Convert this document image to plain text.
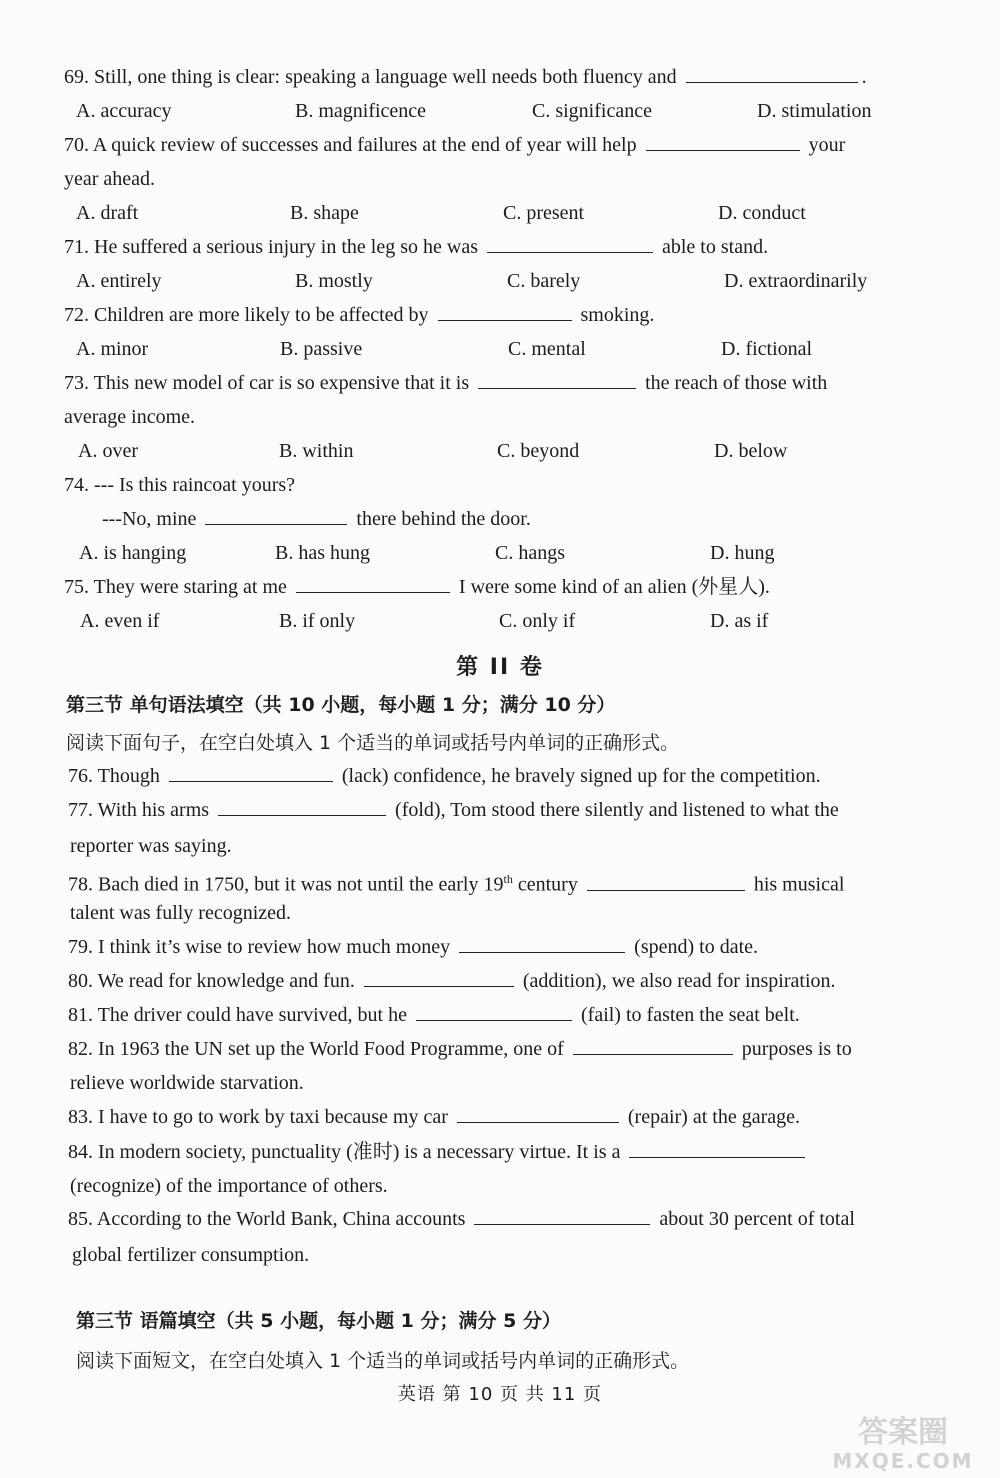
69. Still, one thing is clear: speaking a language well needs both fluency and	.
A. accuracy	B. magnificence	C. significance	D. stimulation
70. A quick review of successes and failures at the end of year will help	your
year ahead.
A. draft	B. shape	C. present	D. conduct
71. He suffered a serious injury in the leg so he was	able to stand.
A. entirely	B. mostly	C. barely	D. extraordinarily
72. Children are more likely to be affected by	smoking.
A. minor	B. passive	C. mental	D. fictional
73. This new model of car is so expensive that it is	the reach of those with
average income.
A. over	B. within	C. beyond	D. below
74. --- Is this raincoat yours?
---No, mine	there behind the door.
A. is hanging	B. has hung	C. hangs	D. hung
75. They were staring at me	I were some kind of an alien (外星人).
A. even if	B. if only	C. only if	D. as if
第 II 卷
第三节 单句语法填空（共 10 小题，每小题 1 分；满分 10 分）
阅读下面句子，在空白处填入 1 个适当的单词或括号内单词的正确形式。
76. Though	(lack) confidence, he bravely signed up for the competition.
77. With his arms	(fold), Tom stood there silently and listened to what the
reporter was saying.
78. Bach died in 1750, but it was not until the early 19th century	his musical
talent was fully recognized.
79. I think it’s wise to review how much money	(spend) to date.
80. We read for knowledge and fun.	(addition), we also read for inspiration.
81. The driver could have survived, but he	(fail) to fasten the seat belt.
82. In 1963 the UN set up the World Food Programme, one of	purposes is to
relieve worldwide starvation.
83. I have to go to work by taxi because my car	(repair) at the garage.
84. In modern society, punctuality (准时) is a necessary virtue. It is a
(recognize) of the importance of others.
85. According to the World Bank, China accounts	about 30 percent of total
global fertilizer consumption.
第三节 语篇填空（共 5 小题，每小题 1 分；满分 5 分）
阅读下面短文，在空白处填入 1 个适当的单词或括号内单词的正确形式。
英语 第 10 页 共 11 页
答案圈
MXQE.COM
